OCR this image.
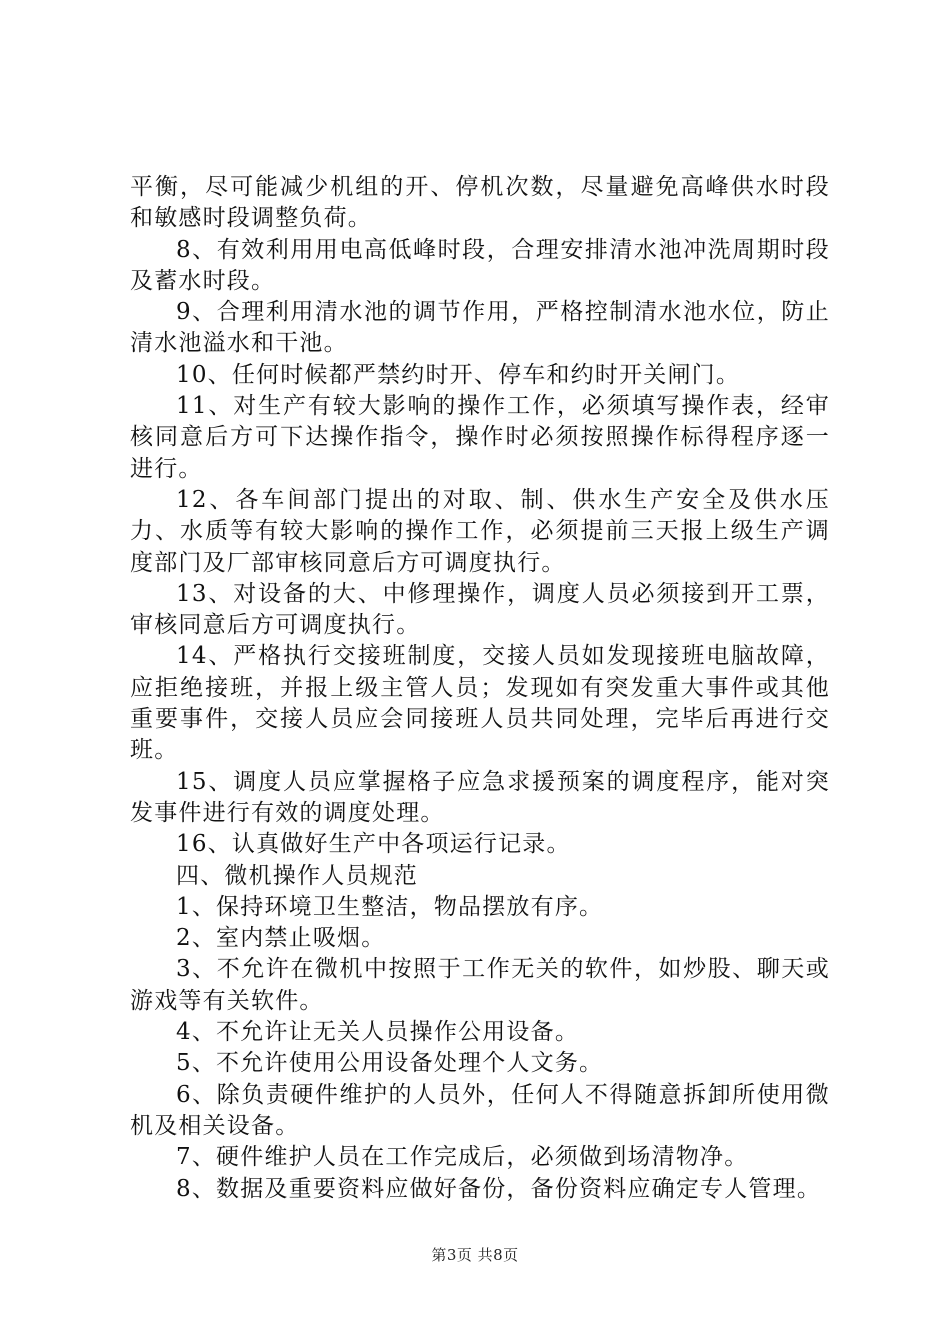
平衡，尽可能减少机组的开、停机次数，尽量避免高峰供水时段和敏感时段调整负荷。

8、有效利用用电高低峰时段，合理安排清水池冲洗周期时段及蓄水时段。

9、合理利用清水池的调节作用，严格控制清水池水位，防止清水池溢水和干池。

10、任何时候都严禁约时开、停车和约时开关闸门。

11、对生产有较大影响的操作工作，必须填写操作表，经审核同意后方可下达操作指令，操作时必须按照操作标得程序逐一进行。

12、各车间部门提出的对取、制、供水生产安全及供水压力、水质等有较大影响的操作工作，必须提前三天报上级生产调度部门及厂部审核同意后方可调度执行。

13、对设备的大、中修理操作，调度人员必须接到开工票，审核同意后方可调度执行。

14、严格执行交接班制度，交接人员如发现接班电脑故障，应拒绝接班，并报上级主管人员；发现如有突发重大事件或其他重要事件，交接人员应会同接班人员共同处理，完毕后再进行交班。

15、调度人员应掌握格子应急求援预案的调度程序，能对突发事件进行有效的调度处理。

16、认真做好生产中各项运行记录。

四、微机操作人员规范

1、保持环境卫生整洁，物品摆放有序。

2、室内禁止吸烟。

3、不允许在微机中按照于工作无关的软件，如炒股、聊天或游戏等有关软件。

4、不允许让无关人员操作公用设备。

5、不允许使用公用设备处理个人文务。

6、除负责硬件维护的人员外，任何人不得随意拆卸所使用微机及相关设备。

7、硬件维护人员在工作完成后，必须做到场清物净。

8、数据及重要资料应做好备份，备份资料应确定专人管理。

第3页 共8页
